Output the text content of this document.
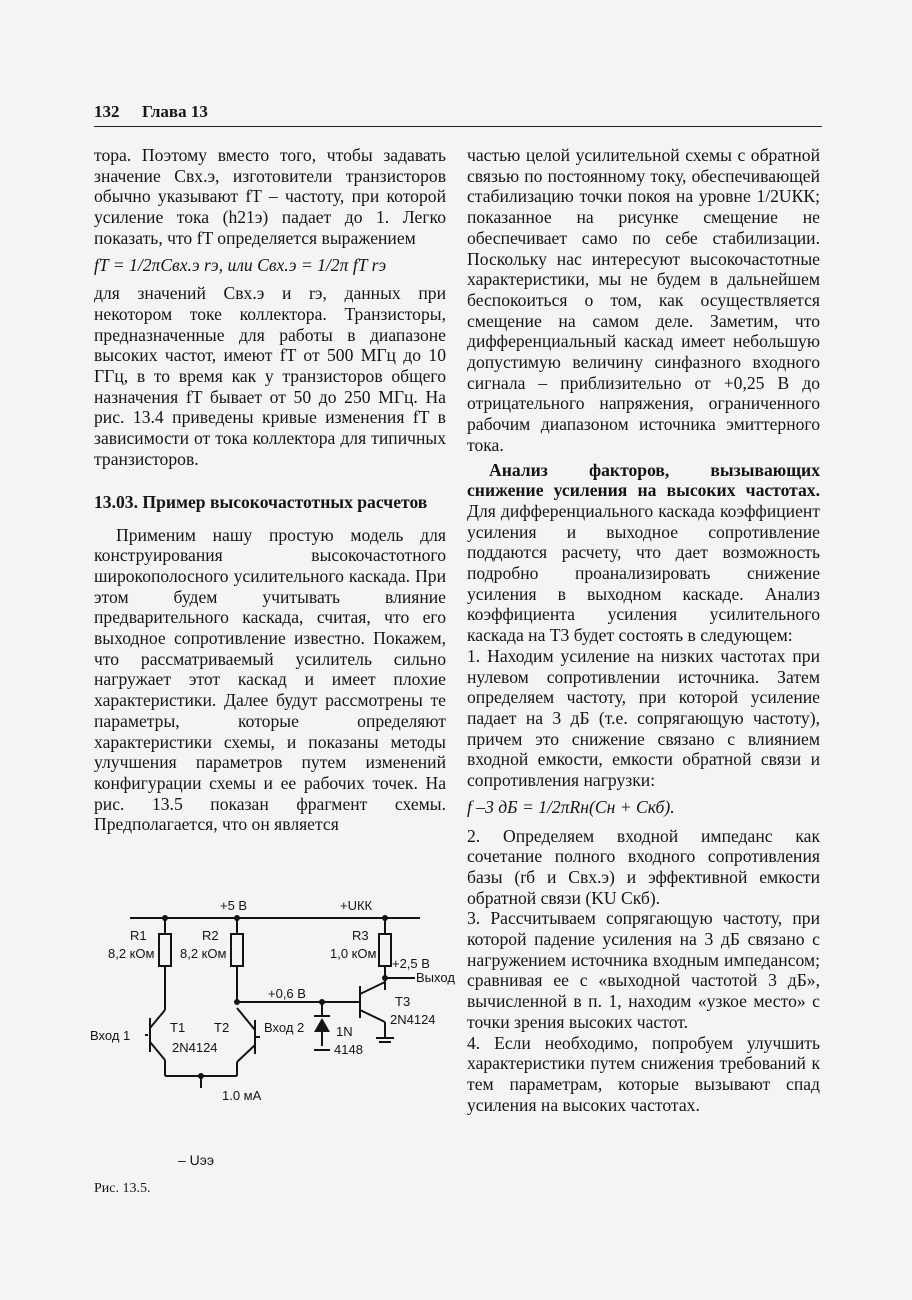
132 Глава 13

тора. Поэтому вместо того, чтобы задавать значение Cвх.э, изготовители транзисторов обычно указывают fT – частоту, при которой усиление тока (h21э) падает до 1. Легко показать, что fT определяется выражением

fT = 1/2πCвх.э rэ, или Cвх.э = 1/2π fT rэ

для значений Cвх.э и rэ, данных при некотором токе коллектора. Транзисторы, предназначенные для работы в диапазоне высоких частот, имеют fT от 500 МГц до 10 ГГц, в то время как у транзисторов общего назначения fT бывает от 50 до 250 МГц. На рис. 13.4 приведены кривые изменения fT в зависимости от тока коллектора для типичных транзисторов.

13.03. Пример высокочастотных расчетов

Применим нашу простую модель для конструирования высокочастотного широкополосного усилительного каскада. При этом будем учитывать влияние предварительного каскада, считая, что его выходное сопротивление известно. Покажем, что рассматриваемый усилитель сильно нагружает этот каскад и имеет плохие характеристики. Далее будут рассмотрены те параметры, которые определяют характеристики схемы, и показаны методы улучшения параметров путем изменений конфигурации схемы и ее рабочих точек. На рис. 13.5 показан фрагмент схемы. Предполагается, что он является

частью целой усилительной схемы с обратной связью по постоянному току, обеспечивающей стабилизацию точки покоя на уровне 1/2UКК; показанное на рисунке смещение не обеспечивает само по себе стабилизации. Поскольку нас интересуют высокочастотные характеристики, мы не будем в дальнейшем беспокоиться о том, как осуществляется смещение на самом деле. Заметим, что дифференциальный каскад имеет небольшую допустимую величину синфазного входного сигнала – приблизительно от +0,25 В до отрицательного напряжения, ограниченного рабочим диапазоном источника эмиттерного тока.

Анализ факторов, вызывающих снижение усиления на высоких частотах. Для дифференциального каскада коэффициент усиления и выходное сопротивление поддаются расчету, что дает возможность подробно проанализировать снижение усиления в выходном каскаде. Анализ коэффициента усиления усилительного каскада на T3 будет состоять в следующем:

1. Находим усиление на низких частотах при нулевом сопротивлении источника. Затем определяем частоту, при которой усиление падает на 3 дБ (т.е. сопрягающую частоту), причем это снижение связано с влиянием входной емкости, емкости обратной связи и сопротивления нагрузки:

f –3 дБ = 1/2πRн(Cн + Cкб).

2. Определяем входной импеданс как сочетание полного входного сопротивления базы (rб и Cвх.э) и эффективной емкости обратной связи (KU Cкб).

3. Рассчитываем сопрягающую частоту, при которой падение усиления на 3 дБ связано с нагружением источника входным импедансом; сравнивая ее с «выходной частотой 3 дБ», вычисленной в п. 1, находим «узкое место» с точки зрения высоких частот.

4. Если необходимо, попробуем улучшить характеристики путем снижения требований к тем параметрам, которые вызывают спад усиления на высоких частотах.

+5 В	+UКК
R1
8,2 кОм
R2
8,2 кОм
R3
1,0 кОм
+2,5 В
Выход
+0,6 В
T1 T2
2N4124
T3
2N4124
Вход 1
Вход 2 1N
4148
1,0 мА
– Uээ
Рис. 13.5.
